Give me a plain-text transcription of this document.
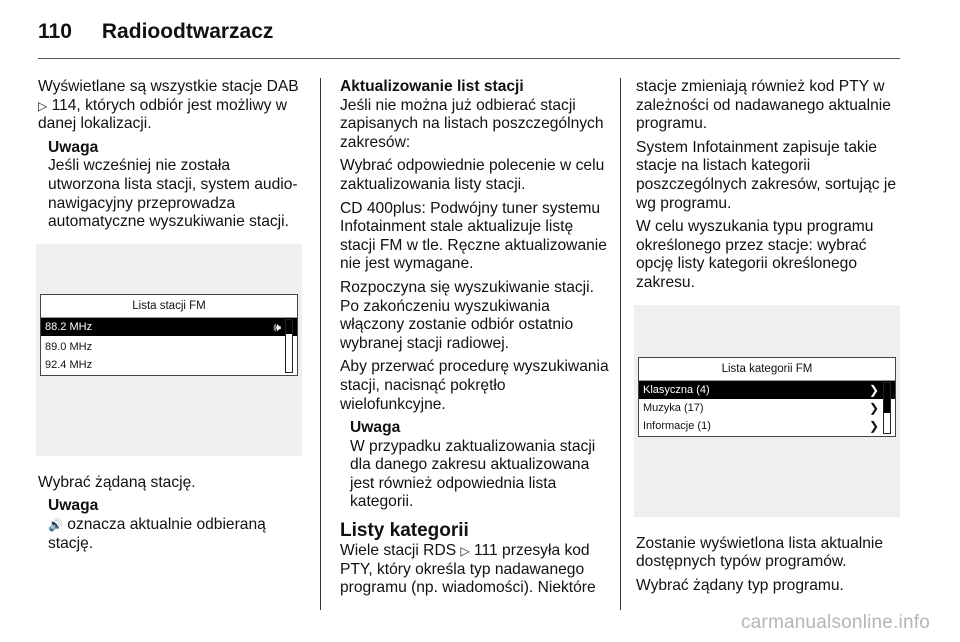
110 Radioodtwarzacz

Wyświetlane są wszystkie stacje DAB ▷ 114, których odbiór jest możliwy w danej lokalizacji.

Uwaga
Jeśli wcześniej nie została utworzona lista stacji, system audio-nawigacyjny przeprowadza automatyczne wyszukiwanie stacji.
Lista stacji FM
88.2 MHz	🕪
89.0 MHz
92.4 MHz

Wybrać żądaną stację.

Uwaga
🔊 oznacza aktualnie odbieraną stację.
Aktualizowanie list stacji

Jeśli nie można już odbierać stacji zapisanych na listach poszczególnych zakresów:

Wybrać odpowiednie polecenie w celu zaktualizowania listy stacji.

CD 400plus: Podwójny tuner systemu Infotainment stale aktualizuje listę stacji FM w tle. Ręczne aktualizowanie nie jest wymagane.

Rozpoczyna się wyszukiwanie stacji. Po zakończeniu wyszukiwania włączony zostanie odbiór ostatnio wybranej stacji radiowej.

Aby przerwać procedurę wyszukiwania stacji, nacisnąć pokrętło wielofunkcyjne.

Uwaga
W przypadku zaktualizowania stacji dla danego zakresu aktualizowana jest również odpowiednia lista kategorii.
Listy kategorii

Wiele stacji RDS ▷ 111 przesyła kod PTY, który określa typ nadawanego programu (np. wiadomości). Niektóre

stacje zmieniają również kod PTY w zależności od nadawanego aktualnie programu.

System Infotainment zapisuje takie stacje na listach kategorii poszczególnych zakresów, sortując je wg programu.

W celu wyszukania typu programu określonego przez stacje: wybrać opcję listy kategorii określonego zakresu.

Lista kategorii FM
Klasyczna (4)	❯
Muzyka (17)	❯
Informacje (1)	❯

Zostanie wyświetlona lista aktualnie dostępnych typów programów.

Wybrać żądany typ programu.

carmanualsonline.info
